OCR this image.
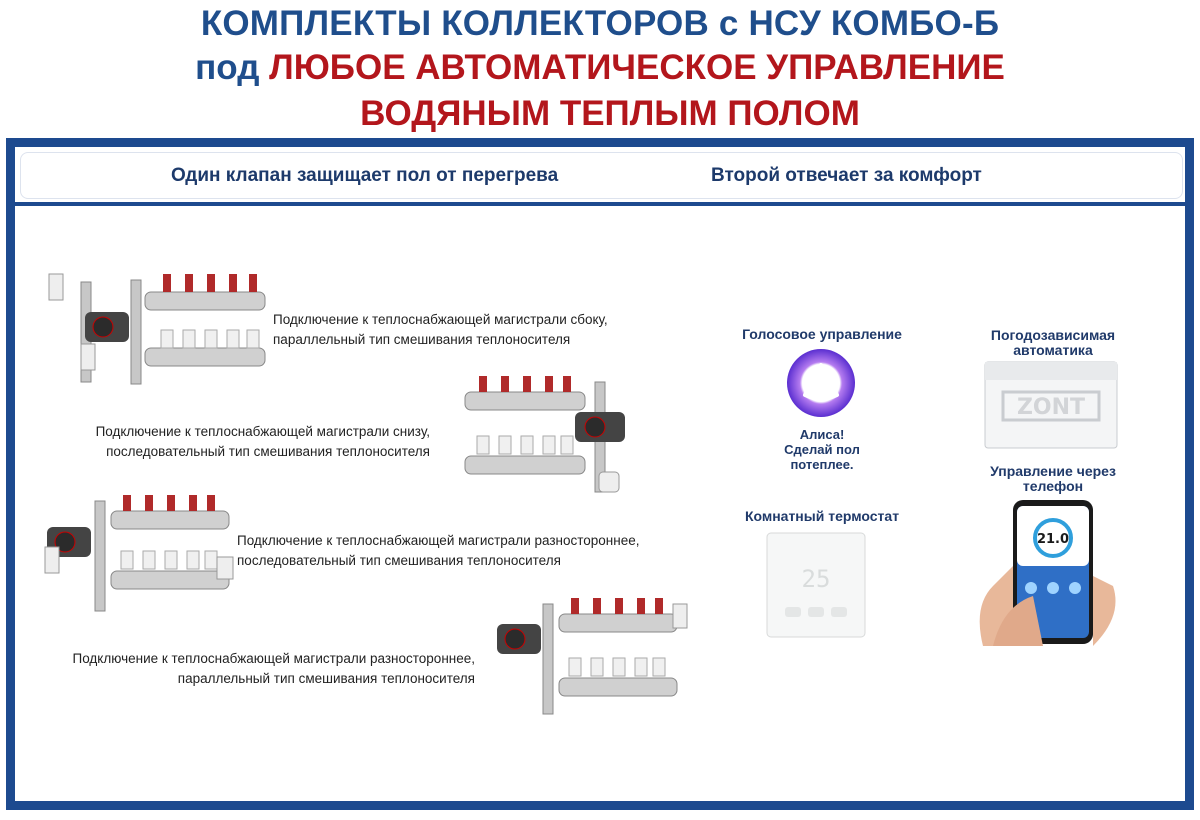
КОМПЛЕКТЫ КОЛЛЕКТОРОВ с НСУ КОМБО-Б
под ЛЮБОЕ АВТОМАТИЧЕСКОЕ УПРАВЛЕНИЕ
ВОДЯНЫМ ТЕПЛЫМ ПОЛОМ
Один клапан защищает пол от перегрева	Второй отвечает за комфорт
Подключение к теплоснабжающей магистрали сбоку,
параллельный тип смешивания теплоносителя
Подключение к теплоснабжающей магистрали снизу,
последовательный тип смешивания теплоносителя
Подключение к теплоснабжающей магистрали разностороннее,
последовательный тип смешивания теплоносителя
Подключение к теплоснабжающей магистрали разностороннее,
параллельный тип смешивания теплоносителя
Голосовое управление
Алиса!
Сделай пол
потеплее.
Погодозависимая
автоматика
ZONT
Комнатный термостат
25
Управление через
телефон
21.0
